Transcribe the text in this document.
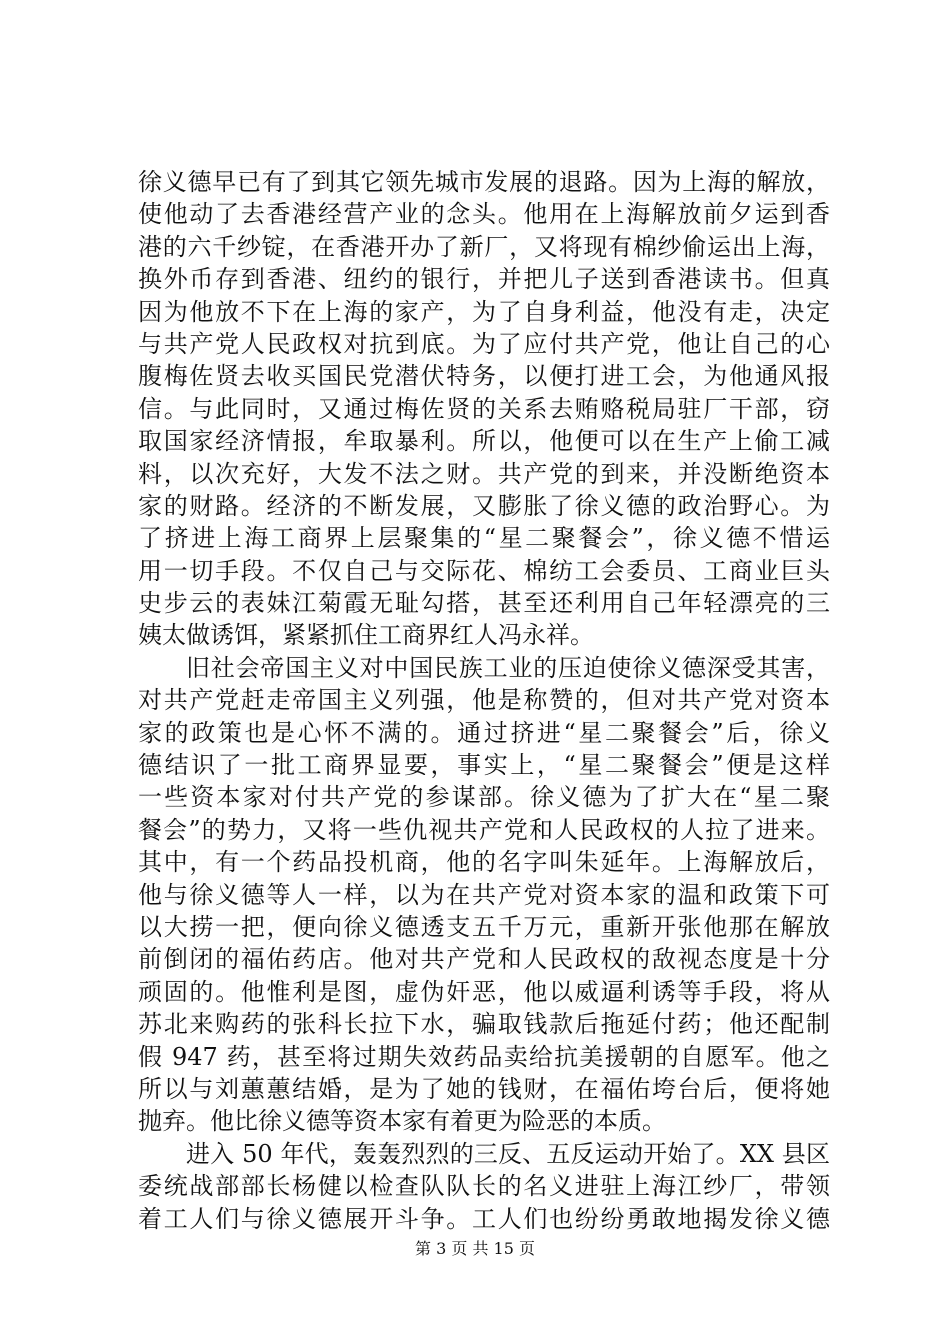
徐义德早已有了到其它领先城市发展的退路。因为上海的解放，
使他动了去香港经营产业的念头。他用在上海解放前夕运到香
港的六千纱锭，在香港开办了新厂，又将现有棉纱偷运出上海，
换外币存到香港、纽约的银行，并把儿子送到香港读书。但真
因为他放不下在上海的家产，为了自身利益，他没有走，决定
与共产党人民政权对抗到底。为了应付共产党，他让自己的心
腹梅佐贤去收买国民党潜伏特务，以便打进工会，为他通风报
信。与此同时，又通过梅佐贤的关系去贿赂税局驻厂干部，窃
取国家经济情报，牟取暴利。所以，他便可以在生产上偷工减
料，以次充好，大发不法之财。共产党的到来，并没断绝资本
家的财路。经济的不断发展，又膨胀了徐义德的政治野心。为
了挤进上海工商界上层聚集的“星二聚餐会”，徐义德不惜运
用一切手段。不仅自己与交际花、棉纺工会委员、工商业巨头
史步云的表妹江菊霞无耻勾搭，甚至还利用自己年轻漂亮的三
姨太做诱饵，紧紧抓住工商界红人冯永祥。
旧社会帝国主义对中国民族工业的压迫使徐义德深受其害，
对共产党赶走帝国主义列强，他是称赞的，但对共产党对资本
家的政策也是心怀不满的。通过挤进“星二聚餐会”后，徐义
德结识了一批工商界显要，事实上，“星二聚餐会”便是这样
一些资本家对付共产党的参谋部。徐义德为了扩大在“星二聚
餐会”的势力，又将一些仇视共产党和人民政权的人拉了进来。
其中，有一个药品投机商，他的名字叫朱延年。上海解放后，
他与徐义德等人一样，以为在共产党对资本家的温和政策下可
以大捞一把，便向徐义德透支五千万元，重新开张他那在解放
前倒闭的福佑药店。他对共产党和人民政权的敌视态度是十分
顽固的。他惟利是图，虚伪奸恶，他以威逼利诱等手段，将从
苏北来购药的张科长拉下水，骗取钱款后拖延付药；他还配制
假 947 药，甚至将过期失效药品卖给抗美援朝的自愿军。他之
所以与刘蕙蕙结婚，是为了她的钱财，在福佑垮台后，便将她
抛弃。他比徐义德等资本家有着更为险恶的本质。
进入 50 年代，轰轰烈烈的三反、五反运动开始了。XX 县区
委统战部部长杨健以检查队队长的名义进驻上海江纱厂，带领
着工人们与徐义德展开斗争。工人们也纷纷勇敢地揭发徐义德
第 3 页 共 15 页
